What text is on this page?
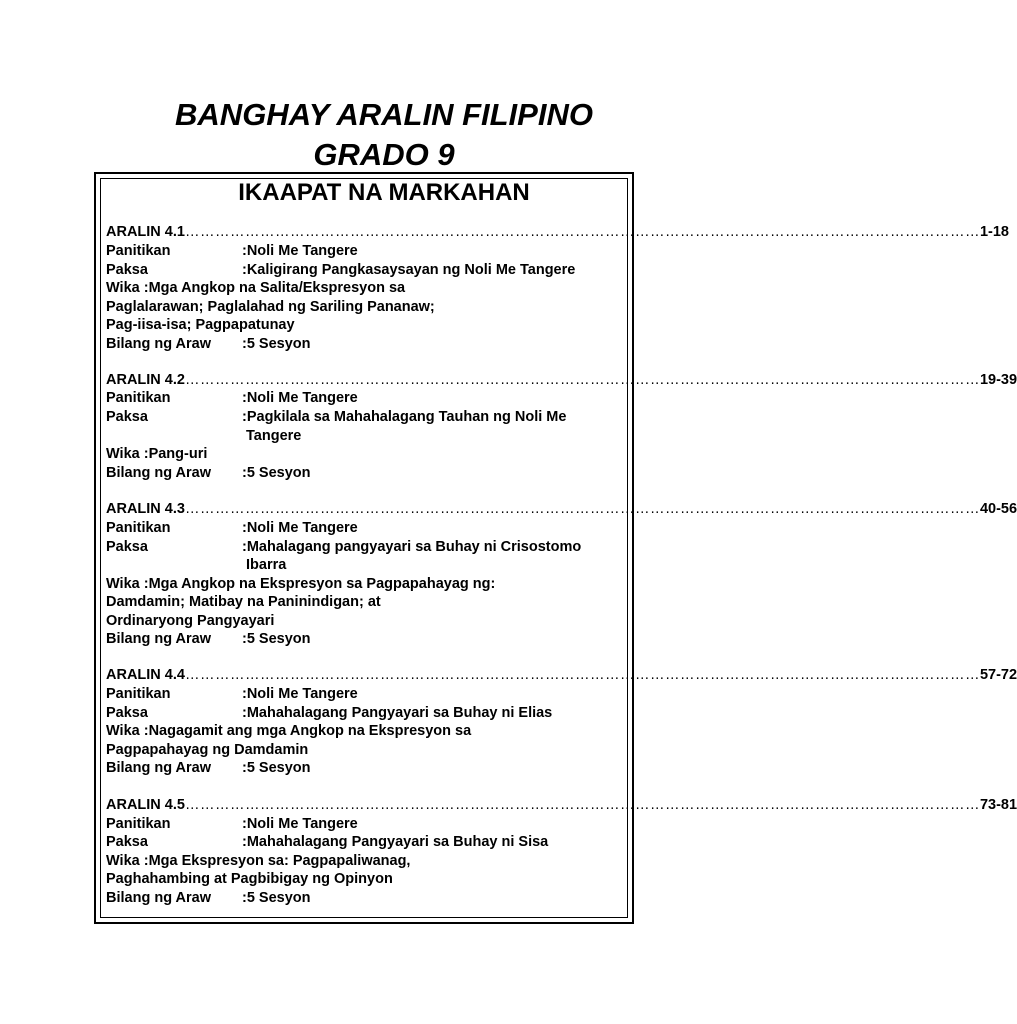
BANGHAY ARALIN FILIPINO
GRADO 9
IKAAPAT NA MARKAHAN
ARALIN 4.1 …………………………………………………………………………………………………………………………………………… 1-18
Panitikan	:Noli Me Tangere
Paksa	:Kaligirang Pangkasaysayan ng Noli Me Tangere
Wika :Mga Angkop na Salita/Ekspresyon sa
Paglalarawan; Paglalahad ng Sariling Pananaw;
Pag-iisa-isa; Pagpapatunay
Bilang ng Araw :5 Sesyon
ARALIN 4.2 …………………………………………………………………………………………………………………………………………… 19-39
Panitikan	:Noli Me Tangere
Paksa	:Pagkilala sa Mahahalagang Tauhan ng Noli Me
Tangere
Wika :Pang-uri
Bilang ng Araw :5 Sesyon
ARALIN 4.3 …………………………………………………………………………………………………………………………………………… 40-56
Panitikan	:Noli Me Tangere
Paksa	:Mahalagang pangyayari sa Buhay ni Crisostomo
Ibarra
Wika :Mga Angkop na Ekspresyon sa Pagpapahayag ng:
Damdamin; Matibay na Paninindigan; at
Ordinaryong Pangyayari
Bilang ng Araw :5 Sesyon
ARALIN 4.4 …………………………………………………………………………………………………………………………………………… 57-72
Panitikan	:Noli Me Tangere
Paksa	:Mahahalagang Pangyayari sa Buhay ni Elias
Wika :Nagagamit ang mga Angkop na Ekspresyon sa
Pagpapahayag ng Damdamin
Bilang ng Araw :5 Sesyon
ARALIN 4.5 …………………………………………………………………………………………………………………………………………… 73-81
Panitikan	:Noli Me Tangere
Paksa	:Mahahalagang Pangyayari sa Buhay ni Sisa
Wika :Mga Ekspresyon sa: Pagpapaliwanag,
Paghahambing at Pagbibigay ng Opinyon
Bilang ng Araw :5 Sesyon
